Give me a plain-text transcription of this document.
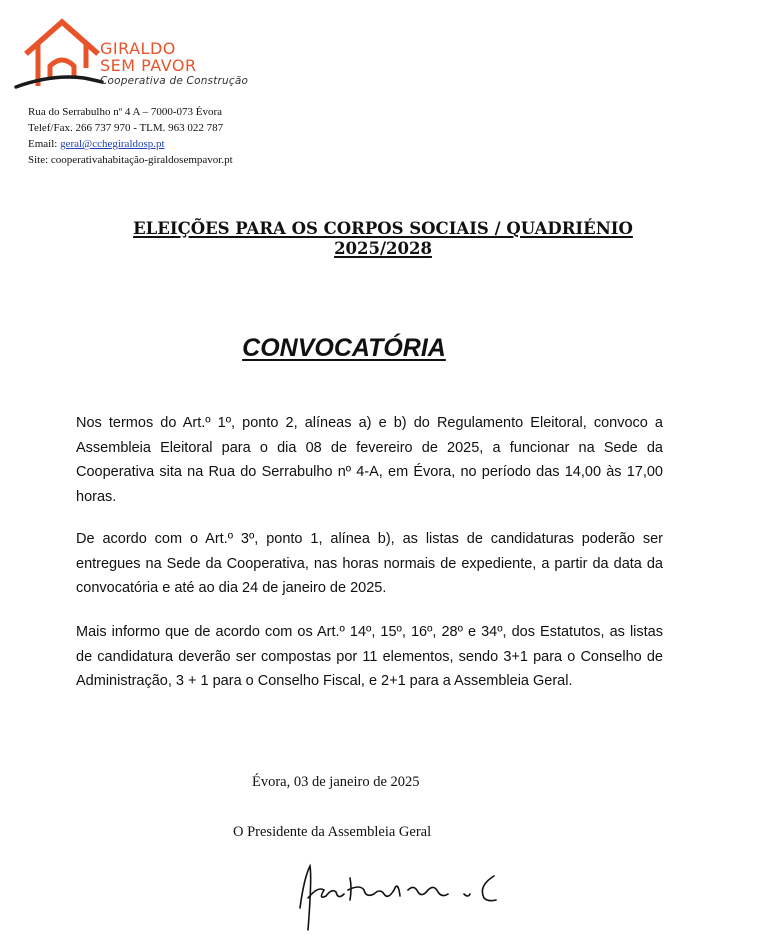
GIRALDO
SEM PAVOR
Cooperativa de Construção
Rua do Serrabulho nº 4 A – 7000-073 Évora
Telef/Fax. 266 737 970 - TLM. 963 022 787
Email: geral@cchegiraldosp.pt
Site: cooperativahabitação-giraldosempavor.pt
ELEIÇÕES PARA OS CORPOS SOCIAIS / QUADRIÉNIO
2025/2028
CONVOCATÓRIA
Nos termos do Art.º 1º, ponto 2, alíneas a) e b) do Regulamento Eleitoral, convoco a Assembleia Eleitoral para o dia 08 de fevereiro de 2025, a funcionar na Sede da Cooperativa sita na Rua do Serrabulho nº 4-A, em Évora, no período das 14,00 às 17,00 horas.
De acordo com o Art.º 3º, ponto 1, alínea b), as listas de candidaturas poderão ser entregues na Sede da Cooperativa, nas horas normais de expediente, a partir da data da convocatória e até ao dia 24 de janeiro de 2025.
Mais informo que de acordo com os Art.º 14º, 15º, 16º, 28º e 34º, dos Estatutos, as listas de candidatura deverão ser compostas por 11 elementos, sendo 3+1 para o Conselho de Administração, 3 + 1 para o Conselho Fiscal, e 2+1 para a Assembleia Geral.
Évora, 03 de janeiro de 2025
O Presidente da Assembleia Geral
